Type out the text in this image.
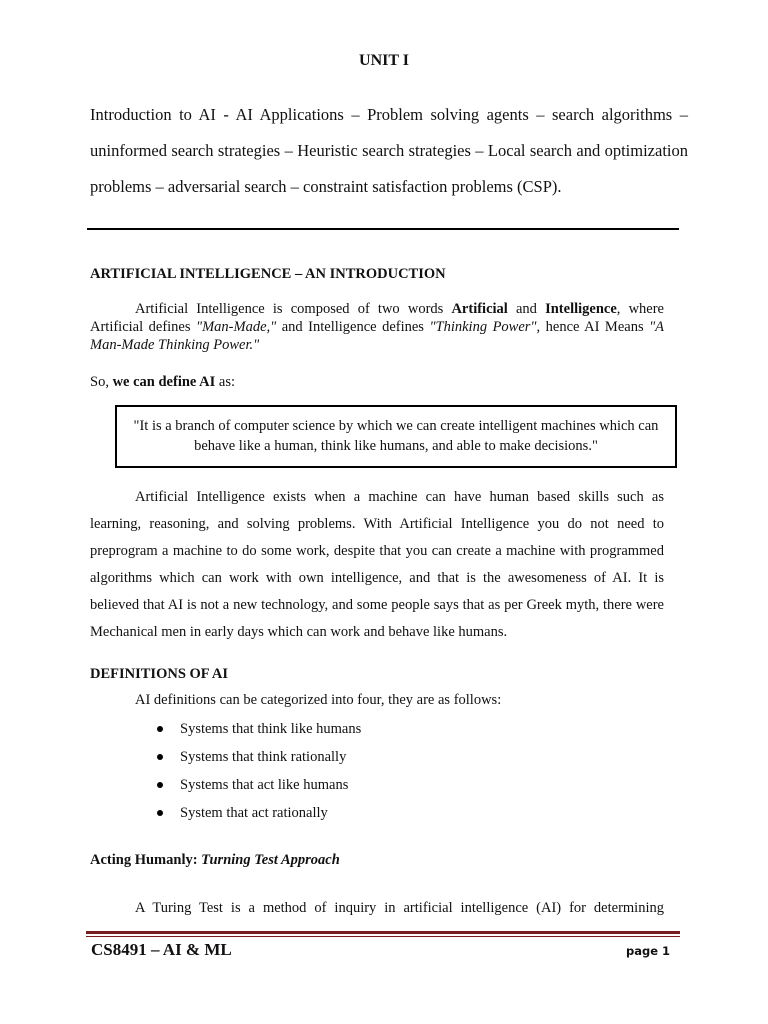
UNIT I
Introduction to AI - AI Applications – Problem solving agents – search algorithms – uninformed search strategies – Heuristic search strategies – Local search and optimization problems – adversarial search – constraint satisfaction problems (CSP).
ARTIFICIAL INTELLIGENCE – AN INTRODUCTION
Artificial Intelligence is composed of two words Artificial and Intelligence, where Artificial defines "Man-Made," and Intelligence defines "Thinking Power", hence AI Means "A Man-Made Thinking Power."
So, we can define AI as:
"It is a branch of computer science by which we can create intelligent machines which can behave like a human, think like humans, and able to make decisions."
Artificial Intelligence exists when a machine can have human based skills such as learning, reasoning, and solving problems. With Artificial Intelligence you do not need to preprogram a machine to do some work, despite that you can create a machine with programmed algorithms which can work with own intelligence, and that is the awesomeness of AI. It is believed that AI is not a new technology, and some people says that as per Greek myth, there were Mechanical men in early days which can work and behave like humans.
DEFINITIONS OF AI
AI definitions can be categorized into four, they are as follows:
Systems that think like humans
Systems that think rationally
Systems that act like humans
System that act rationally
Acting Humanly: Turning Test Approach
A Turing Test is a method of inquiry in artificial intelligence (AI) for determining
CS8491 – AI & ML	page 1
